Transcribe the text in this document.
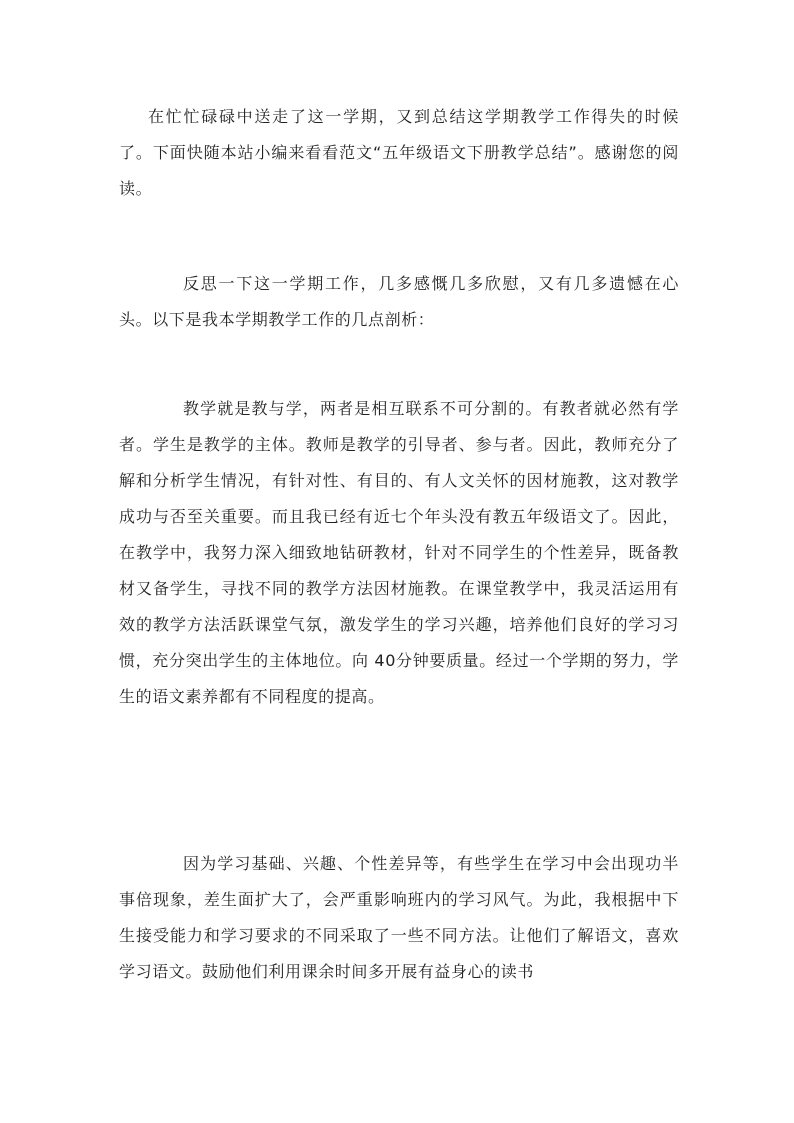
在忙忙碌碌中送走了这一学期，又到总结这学期教学工作得失的时候了。下面快随本站小编来看看范文“五年级语文下册教学总结”。感谢您的阅读。

反思一下这一学期工作，几多感慨几多欣慰，又有几多遗憾在心头。以下是我本学期教学工作的几点剖析：

教学就是教与学，两者是相互联系不可分割的。有教者就必然有学者。学生是教学的主体。教师是教学的引导者、参与者。因此，教师充分了解和分析学生情况，有针对性、有目的、有人文关怀的因材施教，这对教学成功与否至关重要。而且我已经有近七个年头没有教五年级语文了。因此，在教学中，我努力深入细致地钻研教材，针对不同学生的个性差异，既备教材又备学生，寻找不同的教学方法因材施教。在课堂教学中，我灵活运用有效的教学方法活跃课堂气氛，激发学生的学习兴趣，培养他们良好的学习习惯，充分突出学生的主体地位。向 40分钟要质量。经过一个学期的努力，学生的语文素养都有不同程度的提高。

因为学习基础、兴趣、个性差异等，有些学生在学习中会出现功半事倍现象，差生面扩大了，会严重影响班内的学习风气。为此，我根据中下生接受能力和学习要求的不同采取了一些不同方法。让他们了解语文，喜欢学习语文。鼓励他们利用课余时间多开展有益身心的读书
